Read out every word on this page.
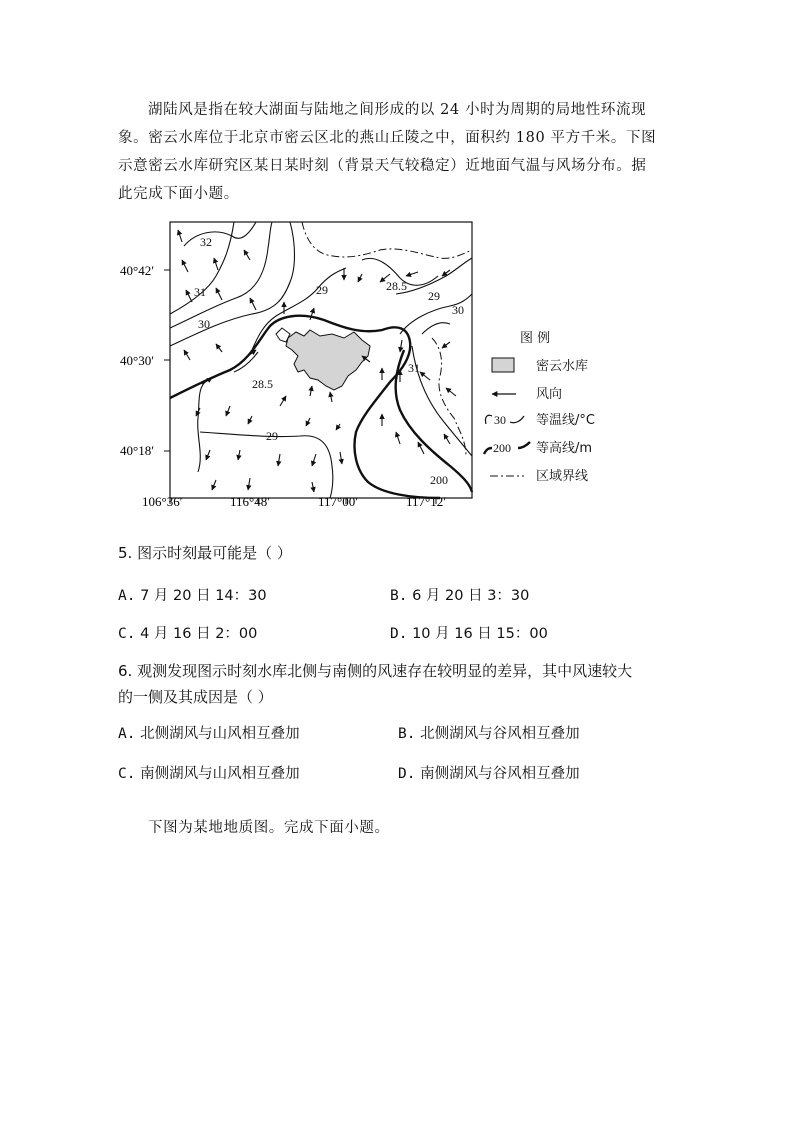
湖陆风是指在较大湖面与陆地之间形成的以 24 小时为周期的局地性环流现
象。密云水库位于北京市密云区北的燕山丘陵之中，面积约 180 平方千米。下图
示意密云水库研究区某日某时刻（背景天气较稳定）近地面气温与风场分布。据
此完成下面小题。
40°42′
40°30′
40°18′
106°36′	116°48′	117°00′	117°12′
32
31
30
29	28.5
29
28.5
29
30
31
200
图 例
密云水库
风向
30 等温线/°C
200 等高线/m
区域界线
5. 图示时刻最可能是（ ）
A. 7 月 20 日 14：30	B. 6 月 20 日 3：30
C. 4 月 16 日 2：00	D. 10 月 16 日 15：00
6. 观测发现图示时刻水库北侧与南侧的风速存在较明显的差异，其中风速较大
的一侧及其成因是（ ）
A. 北侧湖风与山风相互叠加	B. 北侧湖风与谷风相互叠加
C. 南侧湖风与山风相互叠加	D. 南侧湖风与谷风相互叠加
下图为某地地质图。完成下面小题。
